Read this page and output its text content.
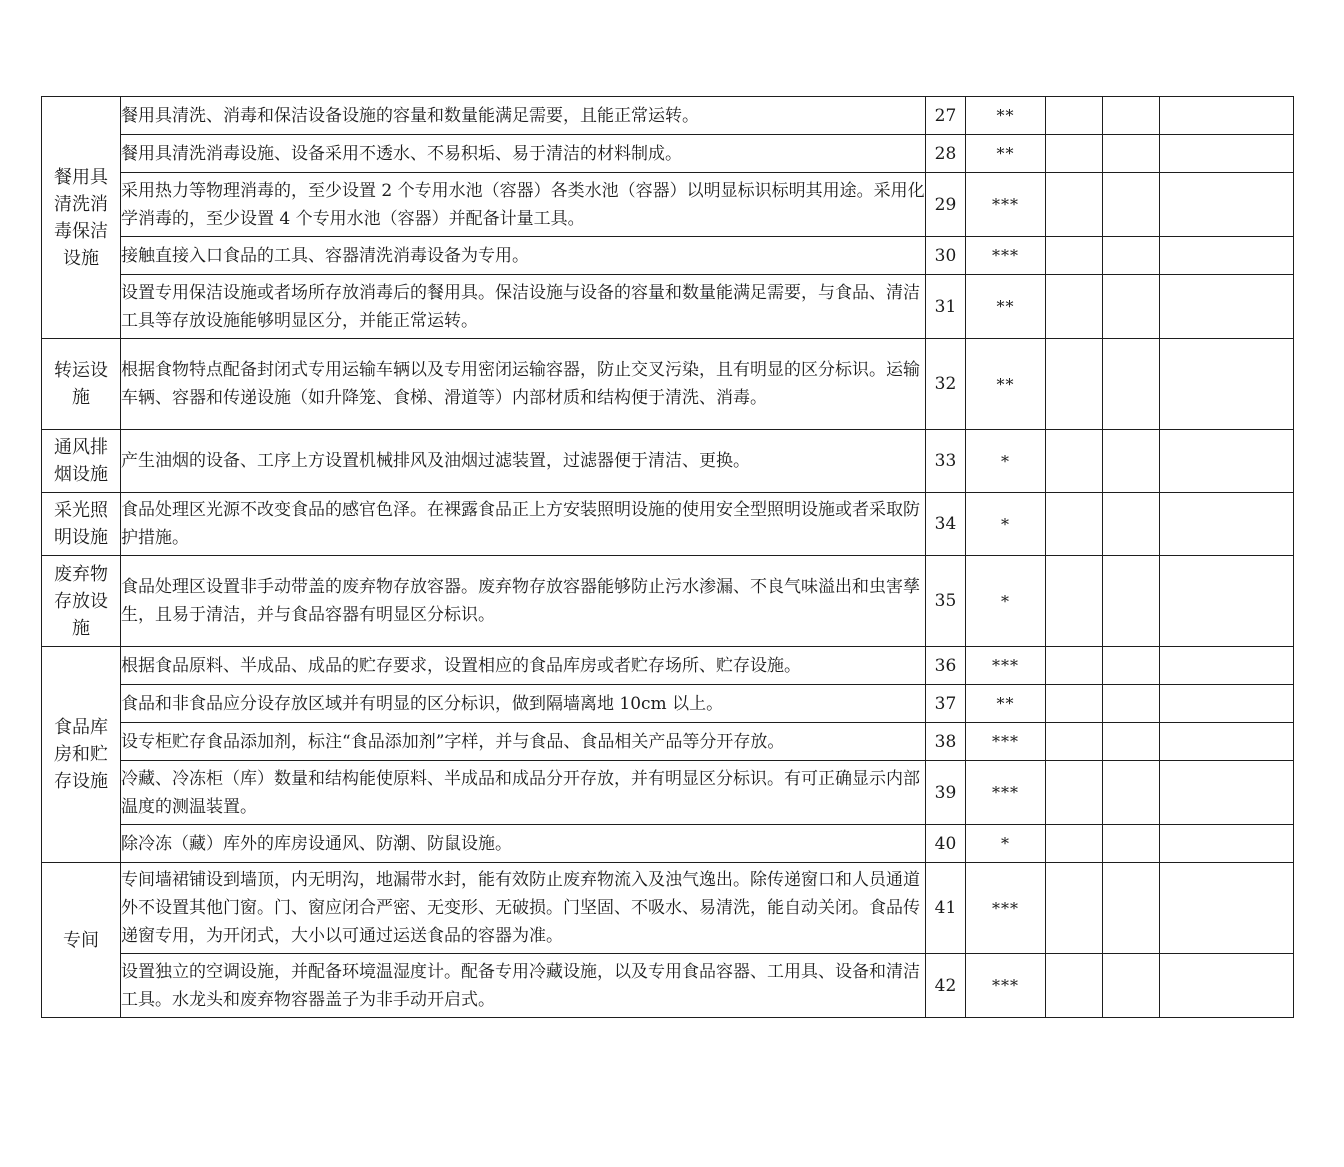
餐用具
清洗消
毒保洁
设施	餐用具清洗、消毒和保洁设备设施的容量和数量能满足需要，且能正常运转。	27	**			
	餐用具清洗消毒设施、设备采用不透水、不易积垢、易于清洁的材料制成。	28	**			
	采用热力等物理消毒的，至少设置 2 个专用水池（容器）各类水池（容器）以明显标识标明其用途。采用化学消毒的，至少设置 4 个专用水池（容器）并配备计量工具。	29	***			
	接触直接入口食品的工具、容器清洗消毒设备为专用。	30	***			
	设置专用保洁设施或者场所存放消毒后的餐用具。保洁设施与设备的容量和数量能满足需要，与食品、清洁工具等存放设施能够明显区分，并能正常运转。	31	**			

转运设
施	根据食物特点配备封闭式专用运输车辆以及专用密闭运输容器，防止交叉污染，且有明显的区分标识。运输车辆、容器和传递设施（如升降笼、食梯、滑道等）内部材质和结构便于清洗、消毒。	32	**			

通风排
烟设施	产生油烟的设备、工序上方设置机械排风及油烟过滤装置，过滤器便于清洁、更换。	33	*			

采光照
明设施	食品处理区光源不改变食品的感官色泽。在裸露食品正上方安装照明设施的使用安全型照明设施或者采取防护措施。	34	*			

废弃物
存放设
施	食品处理区设置非手动带盖的废弃物存放容器。废弃物存放容器能够防止污水渗漏、不良气味溢出和虫害孳生，且易于清洁，并与食品容器有明显区分标识。	35	*			

食品库
房和贮
存设施	根据食品原料、半成品、成品的贮存要求，设置相应的食品库房或者贮存场所、贮存设施。	36	***			
	食品和非食品应分设存放区域并有明显的区分标识，做到隔墙离地 10cm 以上。	37	**			
	设专柜贮存食品添加剂，标注“食品添加剂”字样，并与食品、食品相关产品等分开存放。	38	***			
	冷藏、冷冻柜（库）数量和结构能使原料、半成品和成品分开存放，并有明显区分标识。有可正确显示内部温度的测温装置。	39	***			
	除冷冻（藏）库外的库房设通风、防潮、防鼠设施。	40	*			

专间	专间墙裙铺设到墙顶，内无明沟，地漏带水封，能有效防止废弃物流入及浊气逸出。除传递窗口和人员通道外不设置其他门窗。门、窗应闭合严密、无变形、无破损。门坚固、不吸水、易清洗，能自动关闭。食品传递窗专用，为开闭式，大小以可通过运送食品的容器为准。	41	***			
	设置独立的空调设施，并配备环境温湿度计。配备专用冷藏设施，以及专用食品容器、工用具、设备和清洁工具。水龙头和废弃物容器盖子为非手动开启式。	42	***			
